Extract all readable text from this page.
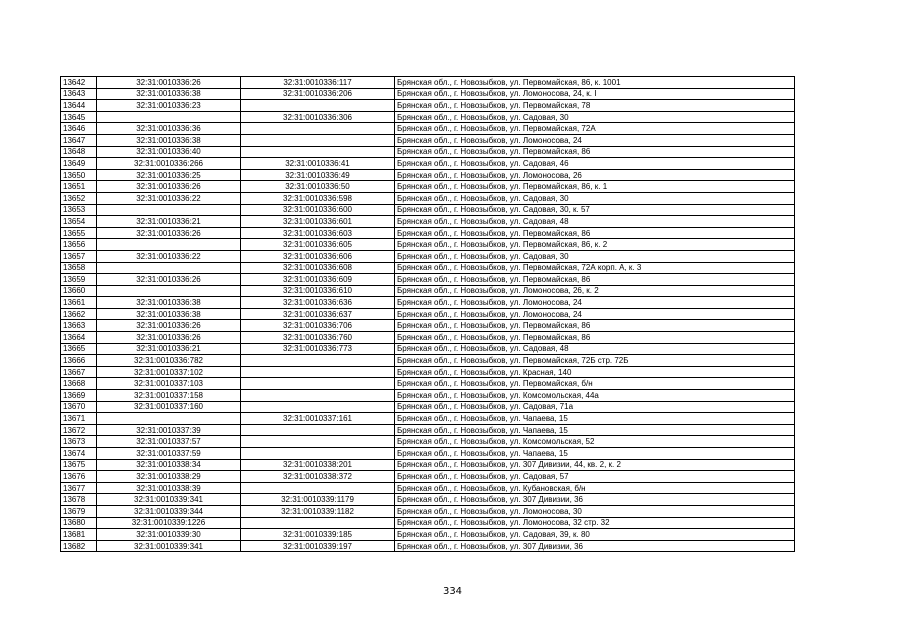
13642	32:31:0010336:26	32:31:0010336:117	Брянская обл., г. Новозыбков, ул. Первомайская, 86, к. 1001
13643	32:31:0010336:38	32:31:0010336:206	Брянская обл., г. Новозыбков, ул. Ломоносова, 24, к. I
13644	32:31:0010336:23		Брянская обл., г. Новозыбков, ул. Первомайская, 78
13645		32:31:0010336:306	Брянская обл., г. Новозыбков, ул. Садовая, 30
13646	32:31:0010336:36		Брянская обл., г. Новозыбков, ул. Первомайская, 72А
13647	32:31:0010336:38		Брянская обл., г. Новозыбков, ул. Ломоносова, 24
13648	32:31:0010336:40		Брянская обл., г. Новозыбков, ул. Первомайская, 86
13649	32:31:0010336:266	32:31:0010336:41	Брянская обл., г. Новозыбков, ул. Садовая, 46
13650	32:31:0010336:25	32:31:0010336:49	Брянская обл., г. Новозыбков, ул. Ломоносова, 26
13651	32:31:0010336:26	32:31:0010336:50	Брянская обл., г. Новозыбков, ул. Первомайская, 86, к. 1
13652	32:31:0010336:22	32:31:0010336:598	Брянская обл., г. Новозыбков, ул. Садовая, 30
13653		32:31:0010336:600	Брянская обл., г. Новозыбков, ул. Садовая, 30, к. 57
13654	32:31:0010336:21	32:31:0010336:601	Брянская обл., г. Новозыбков, ул. Садовая, 48
13655	32:31:0010336:26	32:31:0010336:603	Брянская обл., г. Новозыбков, ул. Первомайская, 86
13656		32:31:0010336:605	Брянская обл., г. Новозыбков, ул. Первомайская, 86, к. 2
13657	32:31:0010336:22	32:31:0010336:606	Брянская обл., г. Новозыбков, ул. Садовая, 30
13658		32:31:0010336:608	Брянская обл., г. Новозыбков, ул. Первомайская, 72А корп. А, к. 3
13659	32:31:0010336:26	32:31:0010336:609	Брянская обл., г. Новозыбков, ул. Первомайская, 86
13660		32:31:0010336:610	Брянская обл., г. Новозыбков, ул. Ломоносова, 26, к. 2
13661	32:31:0010336:38	32:31:0010336:636	Брянская обл., г. Новозыбков, ул. Ломоносова, 24
13662	32:31:0010336:38	32:31:0010336:637	Брянская обл., г. Новозыбков, ул. Ломоносова, 24
13663	32:31:0010336:26	32:31:0010336:706	Брянская обл., г. Новозыбков, ул. Первомайская, 86
13664	32:31:0010336:26	32:31:0010336:760	Брянская обл., г. Новозыбков, ул. Первомайская, 86
13665	32:31:0010336:21	32:31:0010336:773	Брянская обл., г. Новозыбков, ул. Садовая, 48
13666	32:31:0010336:782		Брянская обл., г. Новозыбков, ул. Первомайская, 72Б стр. 72Б
13667	32:31:0010337:102		Брянская обл., г. Новозыбков, ул. Красная, 140
13668	32:31:0010337:103		Брянская обл., г. Новозыбков, ул. Первомайская, б/н
13669	32:31:0010337:158		Брянская обл., г. Новозыбков, ул. Комсомольская, 44а
13670	32:31:0010337:160		Брянская обл., г. Новозыбков, ул. Садовая, 71а
13671		32:31:0010337:161	Брянская обл., г. Новозыбков, ул. Чапаева, 15
13672	32:31:0010337:39		Брянская обл., г. Новозыбков, ул. Чапаева, 15
13673	32:31:0010337:57		Брянская обл., г. Новозыбков, ул. Комсомольская, 52
13674	32:31:0010337:59		Брянская обл., г. Новозыбков, ул. Чапаева, 15
13675	32:31:0010338:34	32:31:0010338:201	Брянская обл., г. Новозыбков, ул. 307 Дивизии, 44, кв. 2, к. 2
13676	32:31:0010338:29	32:31:0010338:372	Брянская обл., г. Новозыбков, ул. Садовая, 57
13677	32:31:0010338:39		Брянская обл., г. Новозыбков, ул. Кубановская, б/н
13678	32:31:0010339:341	32:31:0010339:1179	Брянская обл., г. Новозыбков, ул. 307 Дивизии, 36
13679	32:31:0010339:344	32:31:0010339:1182	Брянская обл., г. Новозыбков, ул. Ломоносова, 30
13680	32:31:0010339:1226		Брянская обл., г. Новозыбков, ул. Ломоносова, 32 стр. 32
13681	32:31:0010339:30	32:31:0010339:185	Брянская обл., г. Новозыбков, ул. Садовая, 39, к. 80
13682	32:31:0010339:341	32:31:0010339:197	Брянская обл., г. Новозыбков, ул. 307 Дивизии, 36
334
